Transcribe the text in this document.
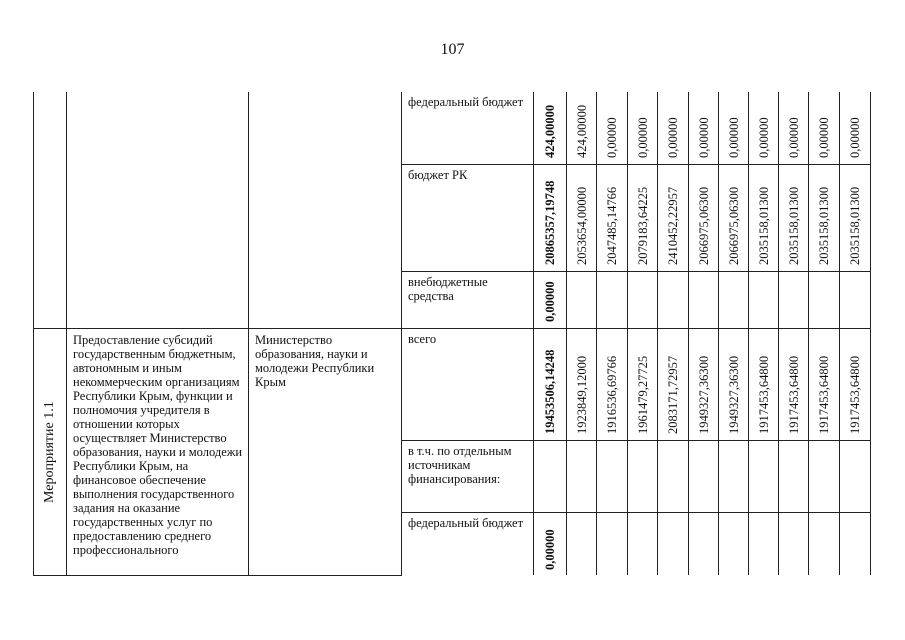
107

			федеральный бюджет	424,00000	424,00000	0,00000	0,00000	0,00000	0,00000	0,00000	0,00000	0,00000	0,00000	0,00000

			бюджет РК	20865357,19748	2053654,00000	2047485,14766	2079183,64225	2410452,22957	2066975,06300	2066975,06300	2035158,01300	2035158,01300	2035158,01300	2035158,01300

			внебюджетные средства	0,00000										

Мероприятие 1.1	Предоставление субсидий государственным бюджетным, автономным и иным некоммерческим организациям Республики Крым, функции и полномочия учредителя в отношении которых осуществляет Министерство образования, науки и молодежи Республики Крым, на финансовое обеспечение выполнения государственного задания на оказание государственных услуг по предоставлению среднего профессионального	Министерство образования, науки и молодежи Республики Крым	всего	19453506,14248	1923849,12000	1916536,69766	1961479,27725	2083171,72957	1949327,36300	1949327,36300	1917453,64800	1917453,64800	1917453,64800	1917453,64800

			в т.ч. по отдельным источникам финансирования:											

			федеральный бюджет	0,00000										
